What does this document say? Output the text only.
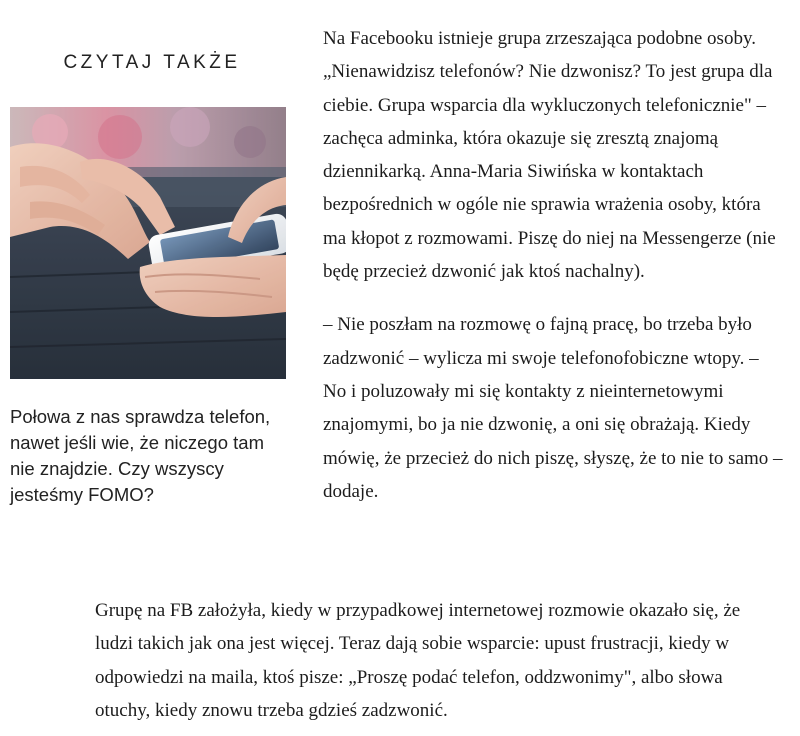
CZYTAJ TAKŻE
Połowa z nas sprawdza telefon, nawet jeśli wie, że niczego tam nie znajdzie. Czy wszyscy jesteśmy FOMO?

Na Facebooku istnieje grupa zrzeszająca podobne osoby. „Nienawidzisz telefonów? Nie dzwonisz? To jest grupa dla ciebie. Grupa wsparcia dla wykluczonych telefonicznie" – zachęca adminka, która okazuje się zresztą znajomą dziennikarką. Anna-Maria Siwińska w kontaktach bezpośrednich w ogóle nie sprawia wrażenia osoby, która ma kłopot z rozmowami. Piszę do niej na Messengerze (nie będę przecież dzwonić jak ktoś nachalny).

– Nie poszłam na rozmowę o fajną pracę, bo trzeba było zadzwonić – wylicza mi swoje telefonofobiczne wtopy. – No i poluzowały mi się kontakty z nieinternetowymi znajomymi, bo ja nie dzwonię, a oni się obrażają. Kiedy mówię, że przecież do nich piszę, słyszę, że to nie to samo – dodaje.

Grupę na FB założyła, kiedy w przypadkowej internetowej rozmowie okazało się, że ludzi takich jak ona jest więcej. Teraz dają sobie wsparcie: upust frustracji, kiedy w odpowiedzi na maila, ktoś pisze: „Proszę podać telefon, oddzwonimy", albo słowa otuchy, kiedy znowu trzeba gdzieś zadzwonić.
